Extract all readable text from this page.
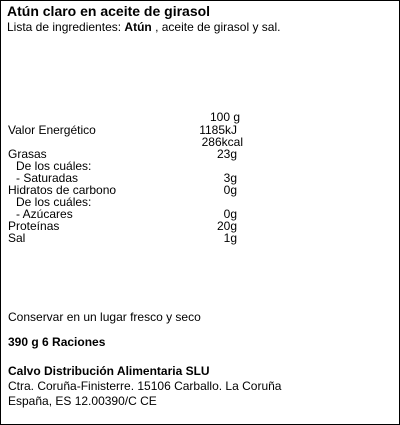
Atún claro en aceite de girasol
Lista de ingredientes: Atún , aceite de girasol y sal.
100 g
Valor Energético	1185kJ
286kcal
Grasas	23g
De los cuáles:
- Saturadas	3g
Hidratos de carbono	0g
De los cuáles:
- Azúcares	0g
Proteínas	20g
Sal	1g
Conservar en un lugar fresco y seco
390 g 6 Raciones
Calvo Distribución Alimentaria SLU
Ctra. Coruña-Finisterre. 15106 Carballo. La Coruña
España, ES 12.00390/C CE
